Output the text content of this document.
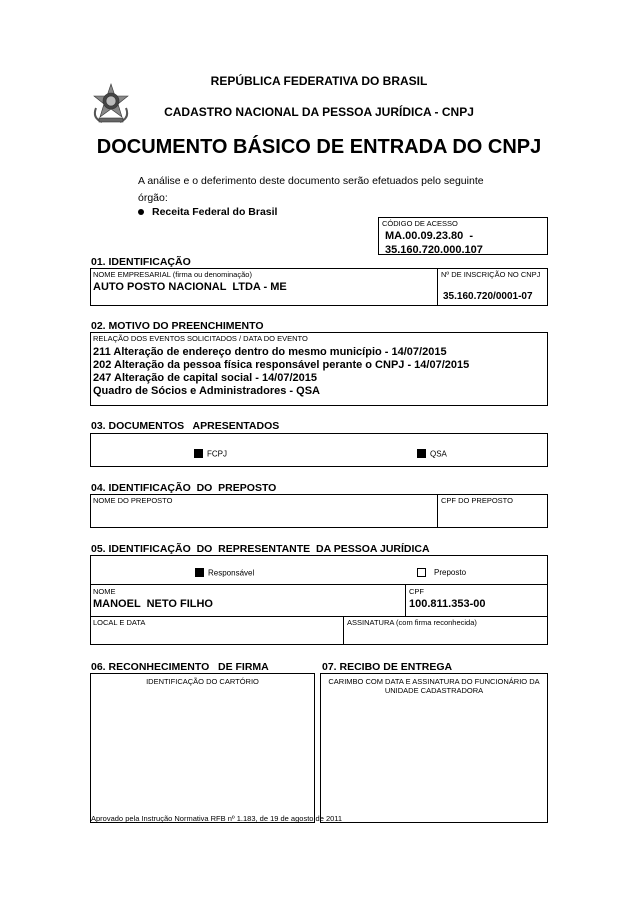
REPÚBLICA FEDERATIVA DO BRASIL
CADASTRO NACIONAL DA PESSOA JURÍDICA - CNPJ
DOCUMENTO BÁSICO DE ENTRADA DO CNPJ
A análise e o deferimento deste documento serão efetuados pelo seguinte órgão:
Receita Federal do Brasil
CÓDIGO DE ACESSO
MA.00.09.23.80  -
35.160.720.000.107
01. IDENTIFICAÇÃO
NOME EMPRESARIAL (firma ou denominação)
AUTO POSTO NACIONAL  LTDA - ME
Nº DE INSCRIÇÃO NO CNPJ
35.160.720/0001-07
02. MOTIVO DO PREENCHIMENTO
RELAÇÃO DOS EVENTOS SOLICITADOS / DATA DO EVENTO
211 Alteração de endereço dentro do mesmo município - 14/07/2015
202 Alteração da pessoa física responsável perante o CNPJ - 14/07/2015
247 Alteração de capital social - 14/07/2015
Quadro de Sócios e Administradores - QSA
03. DOCUMENTOS   APRESENTADOS
FCPJ	QSA
04. IDENTIFICAÇÃO  DO  PREPOSTO
NOME DO PREPOSTO	CPF DO PREPOSTO
05. IDENTIFICAÇÃO  DO  REPRESENTANTE  DA PESSOA JURÍDICA
Responsável	Preposto
NOME
MANOEL  NETO FILHO
CPF
100.811.353-00
LOCAL E DATA	ASSINATURA (com firma reconhecida)
06. RECONHECIMENTO   DE FIRMA
IDENTIFICAÇÃO DO CARTÓRIO
07. RECIBO DE ENTREGA
CARIMBO COM DATA E ASSINATURA DO FUNCIONÁRIO DA UNIDADE CADASTRADORA
Aprovado pela Instrução Normativa RFB nº 1.183, de 19 de agosto de 2011
